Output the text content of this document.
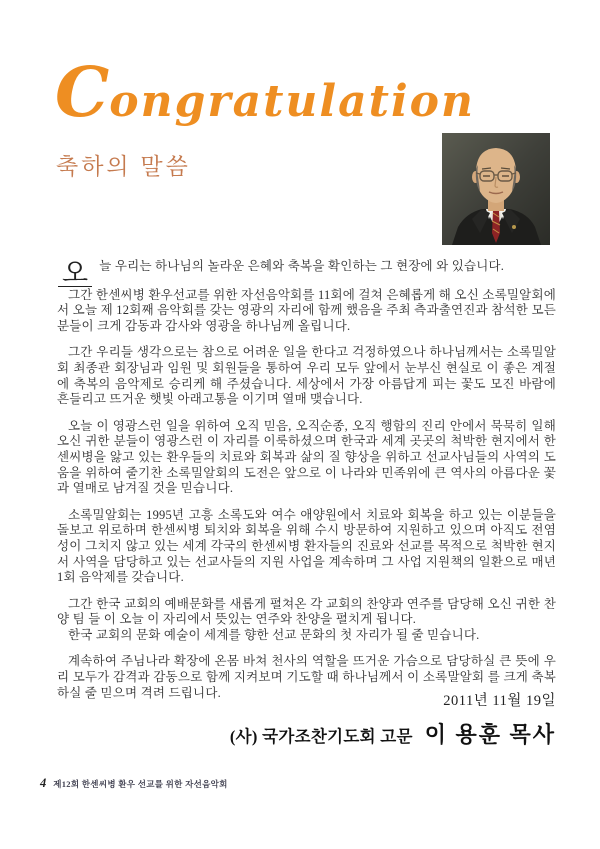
Congratulation
축하의 말씀

오 늘 우리는 하나님의 놀라운 은혜와 축복을 확인하는 그 현장에 와 있습니다.

그간 한센씨병 환우선교를 위한 자선음악회를 11회에 걸쳐 은혜롭게 해 오신 소록밀알회에서 오늘 제 12회째 음악회를 갖는 영광의 자리에 함께 했음을 주최 측과출연진과 참석한 모든 분들이 크게 감동과 감사와 영광을 하나님께 올립니다.

그간 우리들 생각으로는 참으로 어려운 일을 한다고 걱정하였으나 하나님께서는 소록밀알회 최종관 회장님과 임원 및 회원들을 통하여 우리 모두 앞에서 눈부신 현실로 이 좋은 계절에 축복의 음악제로 승리케 해 주셨습니다. 세상에서 가장 아름답게 피는 꽃도 모진 바람에 흔들리고 뜨거운 햇빛 아래고통을 이기며 열매 맺습니다.

오늘 이 영광스런 일을 위하여 오직 믿음, 오직순종, 오직 행함의 진리 안에서 묵묵히 일해오신 귀한 분들이 영광스런 이 자리를 이룩하셨으며 한국과 세계 곳곳의 척박한 현지에서 한센씨병을 앓고 있는 환우들의 치료와 회복과 삶의 질 향상을 위하고 선교사님들의 사역의 도움을 위하여 줄기찬 소록밀알회의 도전은 앞으로 이 나라와 민족위에 큰 역사의 아름다운 꽃과 열매로 남겨질 것을 믿습니다.

소록밀알회는 1995년 고흥 소록도와 여수 애양원에서 치료와 회복을 하고 있는 이분들을 돌보고 위로하며 한센씨병 퇴치와 회복을 위해 수시 방문하여 지원하고 있으며 아직도 전염성이 그치지 않고 있는 세계 각국의 한센씨병 환자들의 진료와 선교를 목적으로 척박한 현지서 사역을 담당하고 있는 선교사들의 지원 사업을 계속하며 그 사업 지원책의 일환으로 매년1회 음악제를 갖습니다.

그간 한국 교회의 예배문화를 새롭게 펼쳐온 각 교회의 찬양과 연주를 담당해 오신 귀한 찬양 팀 들 이 오늘 이 자리에서 뜻있는 연주와 찬양을 펼치게 됩니다.

한국 교회의 문화 예술이 세계를 향한 선교 문화의 첫 자리가 될 줄 믿습니다.

계속하여 주님나라 확장에 온몸 바쳐 천사의 역할을 뜨거운 가슴으로 담당하실 큰 뜻에 우리 모두가 감격과 감동으로 함께 지켜보며 기도할 때 하나님께서 이 소록말알회 를 크게 축복하실 줄 믿으며 격려 드립니다.

2011년 11월 19일
(사) 국가조찬기도회 고문 이 용훈 목사
4 제12회 한센씨병 환우 선교를 위한 자선음악회
